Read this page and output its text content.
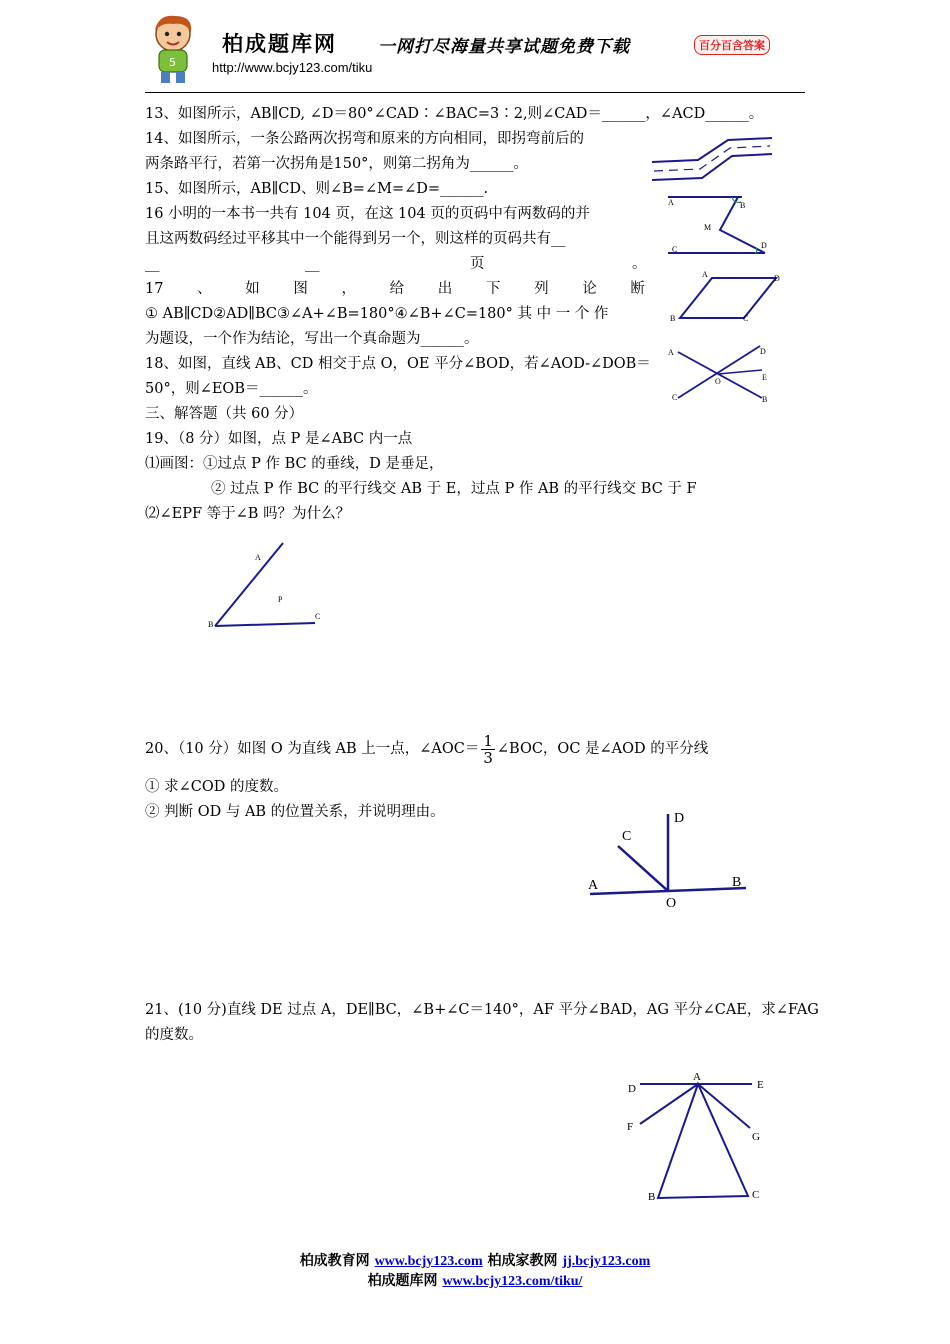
5
柏成题库网 一网打尽海量共享试题免费下载	百分百含答案
http://www.bcjy123.com/tiku
13、如图所示，AB∥CD, ∠D＝80°∠CAD∶∠BAC=3∶2,则∠CAD＝______，∠ACD______。
14、如图所示，一条公路两次拐弯和原来的方向相同，即拐弯前后的
两条路平行，若第一次拐角是150°，则第二拐角为______。
15、如图所示，AB∥CD、则∠B=∠M=∠D=______.
16 小明的一本书一共有 104 页，在这 104 页的页码中有两数码的并
且这两数码经过平移其中一个能得到另一个，则这样的页码共有__
__	__	页	。
17 、 如 图 ， 给 出 下 列 论 断
① AB∥CD②AD∥BC③∠A+∠B=180°④∠B+∠C=180° 其 中 一 个 作
为题设，一个作为结论，写出一个真命题为______。
18、如图，直线 AB、CD 相交于点 O，OE 平分∠BOD，若∠AOD-∠DOB＝
50°，则∠EOB＝______。
三、解答题（共 60 分）
A	B
M
C	D
A	D
B	C
A	D
O	E
C	B
19、（8 分）如图，点 P 是∠ABC 内一点
⑴画图：①过点 P 作 BC 的垂线，D 是垂足，
② 过点 P 作 BC 的平行线交 AB 于 E，过点 P 作 AB 的平行线交 BC 于 F
⑵∠EPF 等于∠B 吗？为什么？
A
P
B
C
20、（10 分）如图 O 为直线 AB 上一点，∠AOC＝ $\frac{1}{3}$ ∠BOC，OC 是∠AOD 的平分线
① 求∠COD 的度数。
② 判断 OD 与 AB 的位置关系，并说明理由。	D
C
A	B
O
21、(10 分)直线 DE 过点 A，DE∥BC，∠B+∠C＝140°，AF 平分∠BAD，AG 平分∠CAE，求∠FAG
的度数。
A
D	E
F
G
B	C
柏成教育网 www.bcjy123.com 柏成家教网 jj.bcjy123.com
柏成题库网 www.bcjy123.com/tiku/
